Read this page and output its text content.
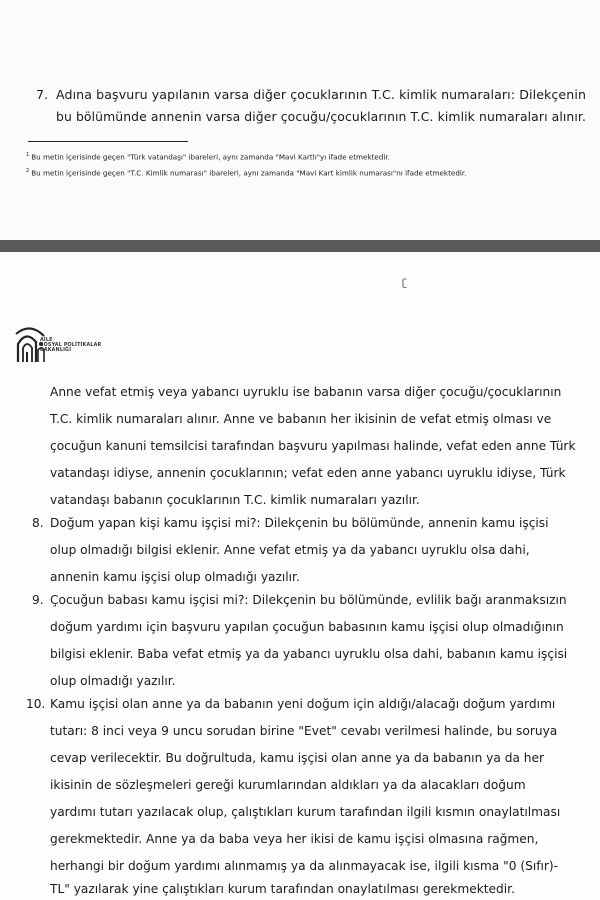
7. Adına başvuru yapılanın varsa diğer çocuklarının T.C. kimlik numaraları: Dilekçenin
bu bölümünde annenin varsa diğer çocuğu/çocuklarının T.C. kimlik numaraları alınır.
$^1$ Bu metin içerisinde geçen "Türk vatandaşı" ibareleri, aynı zamanda "Mavi Kartlı"yı ifade etmektedir.
$^2$ Bu metin içerisinde geçen "T.C. Kimlik numarası" ibareleri, aynı zamanda "Mavi Kart kimlik numarası"nı ifade etmektedir.
ʗ
AİLE
SOSYAL POLİTİKALAR
BAKANLIĞI
Anne vefat etmiş veya yabancı uyruklu ise babanın varsa diğer çocuğu/çocuklarının
T.C. kimlik numaraları alınır. Anne ve babanın her ikisinin de vefat etmiş olması ve
çocuğun kanuni temsilcisi tarafından başvuru yapılması halinde, vefat eden anne Türk
vatandaşı idiyse, annenin çocuklarının; vefat eden anne yabancı uyruklu idiyse, Türk
vatandaşı babanın çocuklarının T.C. kimlik numaraları yazılır.
8. Doğum yapan kişi kamu işçisi mi?: Dilekçenin bu bölümünde, annenin kamu işçisi
olup olmadığı bilgisi eklenir. Anne vefat etmiş ya da yabancı uyruklu olsa dahi,
annenin kamu işçisi olup olmadığı yazılır.
9. Çocuğun babası kamu işçisi mi?: Dilekçenin bu bölümünde, evlilik bağı aranmaksızın
doğum yardımı için başvuru yapılan çocuğun babasının kamu işçisi olup olmadığının
bilgisi eklenir. Baba vefat etmiş ya da yabancı uyruklu olsa dahi, babanın kamu işçisi
olup olmadığı yazılır.
10. Kamu işçisi olan anne ya da babanın yeni doğum için aldığı/alacağı doğum yardımı
tutarı: 8 inci veya 9 uncu sorudan birine "Evet" cevabı verilmesi halinde, bu soruya
cevap verilecektir. Bu doğrultuda, kamu işçisi olan anne ya da babanın ya da her
ikisinin de sözleşmeleri gereği kurumlarından aldıkları ya da alacakları doğum
yardımı tutarı yazılacak olup, çalıştıkları kurum tarafından ilgili kısmın onaylatılması
gerekmektedir. Anne ya da baba veya her ikisi de kamu işçisi olmasına rağmen,
herhangi bir doğum yardımı alınmamış ya da alınmayacak ise, ilgili kısma "0 (Sıfır)-
TL" yazılarak yine çalıştıkları kurum tarafından onaylatılması gerekmektedir.
